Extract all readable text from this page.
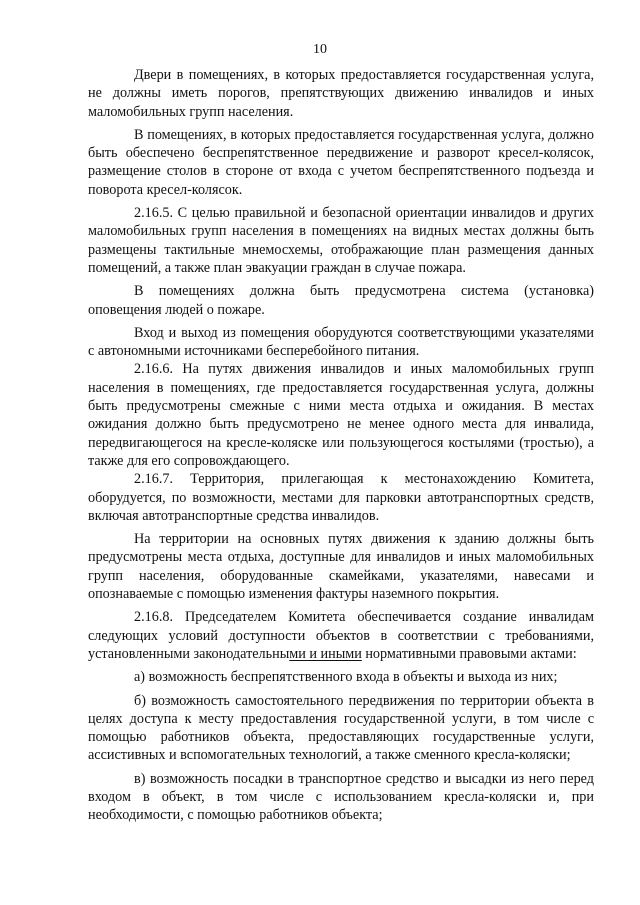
10

Двери в помещениях, в которых предоставляется государственная услуга, не должны иметь порогов, препятствующих движению инвалидов и иных маломобильных групп населения.

В помещениях, в которых предоставляется государственная услуга, должно быть обеспечено беспрепятственное передвижение и разворот кресел-колясок, размещение столов в стороне от входа с учетом беспрепятственного подъезда и поворота кресел-колясок.

2.16.5. С целью правильной и безопасной ориентации инвалидов и других маломобильных групп населения в помещениях на видных местах должны быть размещены тактильные мнемосхемы, отображающие план размещения данных помещений, а также план эвакуации граждан в случае пожара.

В помещениях должна быть предусмотрена система (установка) оповещения людей о пожаре.

Вход и выход из помещения оборудуются соответствующими указателями с автономными источниками бесперебойного питания.

2.16.6. На путях движения инвалидов и иных маломобильных групп населения в помещениях, где предоставляется государственная услуга, должны быть предусмотрены смежные с ними места отдыха и ожидания. В местах ожидания должно быть предусмотрено не менее одного места для инвалида, передвигающегося на кресле-коляске или пользующегося костылями (тростью), а также для его сопровождающего.

2.16.7. Территория, прилегающая к местонахождению Комитета, оборудуется, по возможности, местами для парковки автотранспортных средств, включая автотранспортные средства инвалидов.

На территории на основных путях движения к зданию должны быть предусмотрены места отдыха, доступные для инвалидов и иных маломобильных групп населения, оборудованные скамейками, указателями, навесами и опознаваемые с помощью изменения фактуры наземного покрытия.

2.16.8. Председателем Комитета обеспечивается создание инвалидам следующих условий доступности объектов в соответствии с требованиями, установленными законодательными и иными нормативными правовыми актами:

а) возможность беспрепятственного входа в объекты и выхода из них;

б) возможность самостоятельного передвижения по территории объекта в целях доступа к месту предоставления государственной услуги, в том числе с помощью работников объекта, предоставляющих государственные услуги, ассистивных и вспомогательных технологий, а также сменного кресла-коляски;

в) возможность посадки в транспортное средство и высадки из него перед входом в объект, в том числе с использованием кресла-коляски и, при необходимости, с помощью работников объекта;
